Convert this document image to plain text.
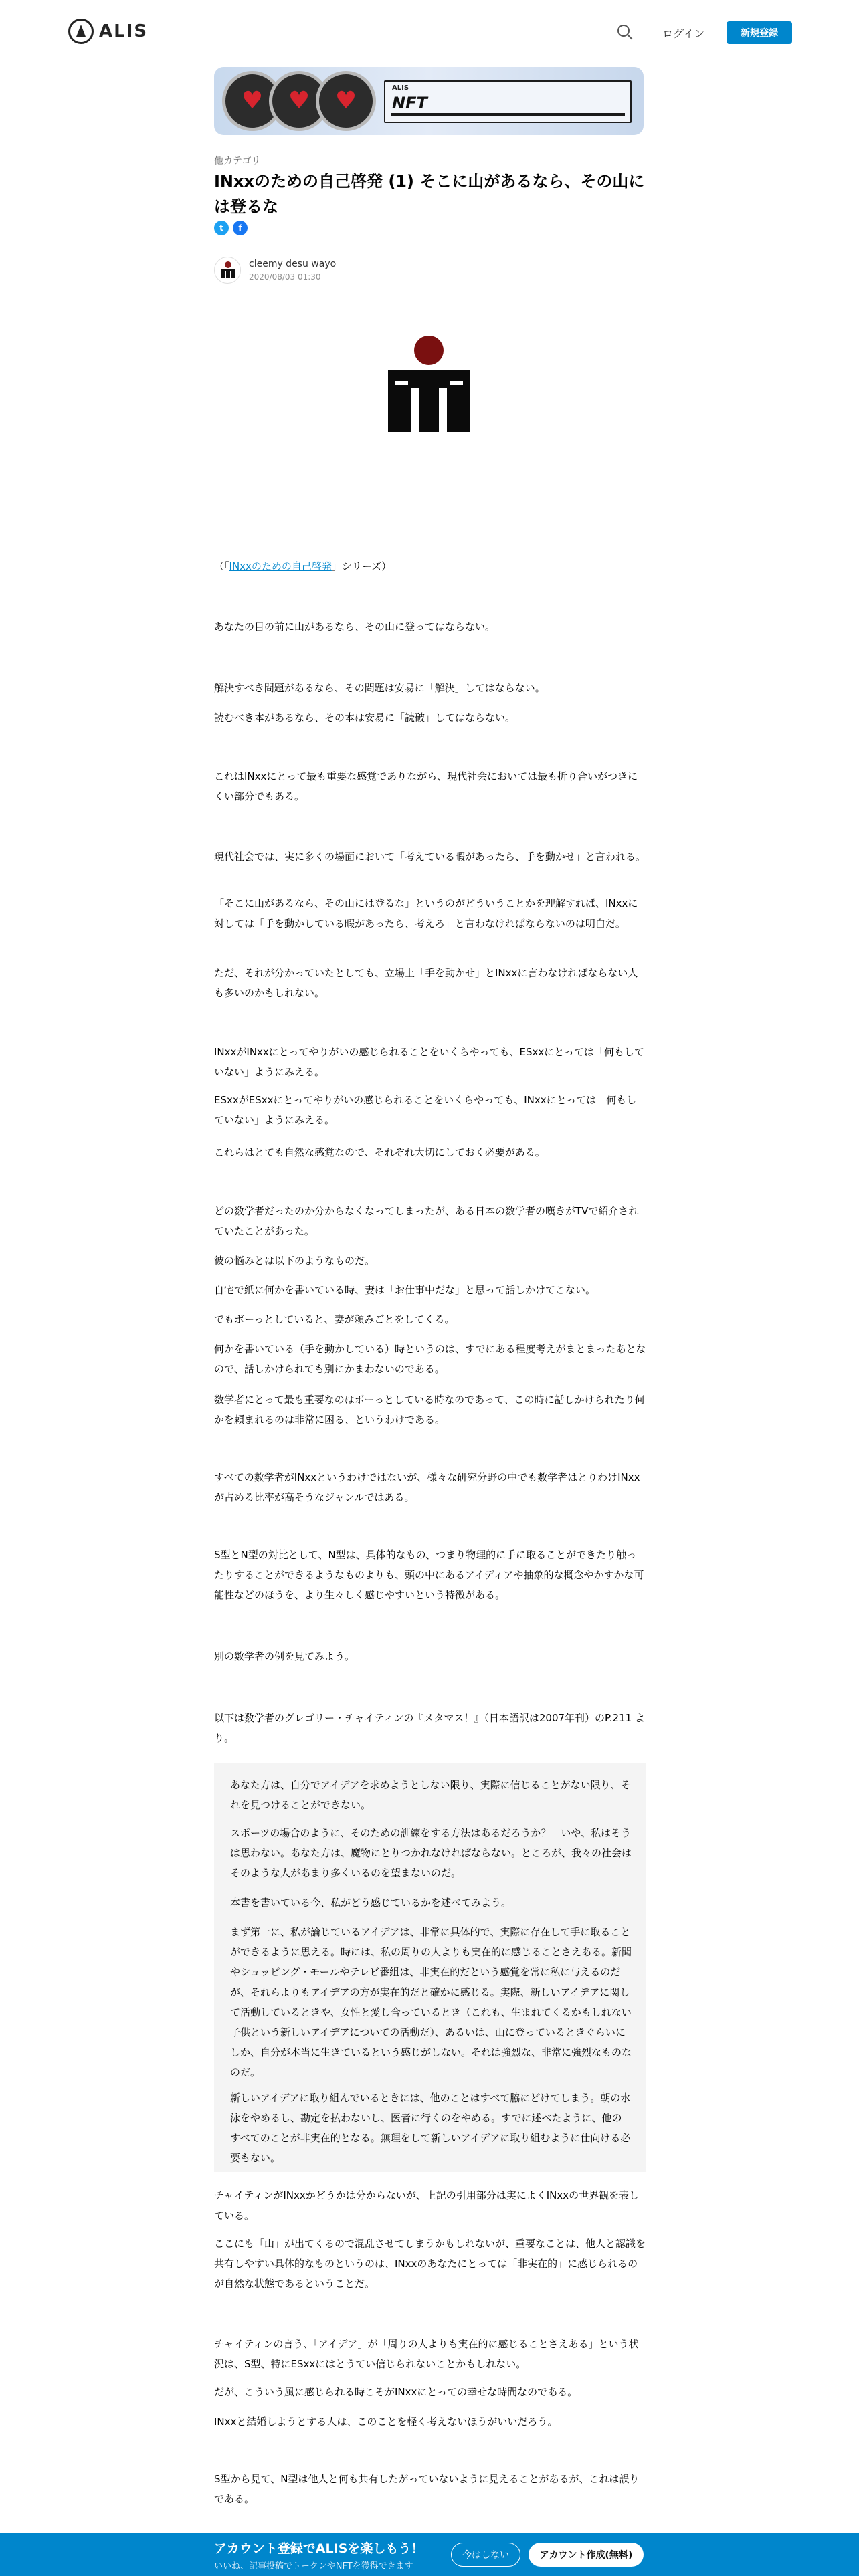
ALIS	ログイン	新規登録
♥ ♥ ♥	ALIS
NFT
他カテゴリ
INxxのための自己啓発 (1) そこに山があるなら、その山には登るな
t	f
cleemy desu wayo
2020/08/03 01:30

（「INxxのための自己啓発」シリーズ）

あなたの目の前に山があるなら、その山に登ってはならない。

解決すべき問題があるなら、その問題は安易に「解決」してはならない。

読むべき本があるなら、その本は安易に「読破」してはならない。

これはINxxにとって最も重要な感覚でありながら、現代社会においては最も折り合いがつきにくい部分でもある。

現代社会では、実に多くの場面において「考えている暇があったら、手を動かせ」と言われる。

「そこに山があるなら、その山には登るな」というのがどういうことかを理解すれば、INxxに対しては「手を動かしている暇があったら、考えろ」と言わなければならないのは明白だ。

ただ、それが分かっていたとしても、立場上「手を動かせ」とINxxに言わなければならない人も多いのかもしれない。

INxxがINxxにとってやりがいの感じられることをいくらやっても、ESxxにとっては「何もしていない」ようにみえる。

ESxxがESxxにとってやりがいの感じられることをいくらやっても、INxxにとっては「何もしていない」ようにみえる。

これらはとても自然な感覚なので、それぞれ大切にしておく必要がある。

どの数学者だったのか分からなくなってしまったが、ある日本の数学者の嘆きがTVで紹介されていたことがあった。

彼の悩みとは以下のようなものだ。

自宅で紙に何かを書いている時、妻は「お仕事中だな」と思って話しかけてこない。

でもボーっとしていると、妻が頼みごとをしてくる。

何かを書いている（手を動かしている）時というのは、すでにある程度考えがまとまったあとなので、話しかけられても別にかまわないのである。

数学者にとって最も重要なのはボーっとしている時なのであって、この時に話しかけられたり何かを頼まれるのは非常に困る、というわけである。

すべての数学者がINxxというわけではないが、様々な研究分野の中でも数学者はとりわけINxxが占める比率が高そうなジャンルではある。

S型とN型の対比として、N型は、具体的なもの、つまり物理的に手に取ることができたり触ったりすることができるようなものよりも、頭の中にあるアイディアや抽象的な概念やかすかな可能性などのほうを、より生々しく感じやすいという特徴がある。

別の数学者の例を見てみよう。

以下は数学者のグレゴリー・チャイティンの『メタマス！』（日本語訳は2007年刊）のP.211 より。

あなた方は、自分でアイデアを求めようとしない限り、実際に信じることがない限り、それを見つけることができない。

スポーツの場合のように、そのための訓練をする方法はあるだろうか？　いや、私はそうは思わない。あなた方は、魔物にとりつかれなければならない。ところが、我々の社会はそのような人があまり多くいるのを望まないのだ。

本書を書いている今、私がどう感じているかを述べてみよう。

まず第一に、私が論じているアイデアは、非常に具体的で、実際に存在して手に取ることができるように思える。時には、私の周りの人よりも実在的に感じることさえある。新聞やショッピング・モールやテレビ番組は、非実在的だという感覚を常に私に与えるのだが、それらよりもアイデアの方が実在的だと確かに感じる。実際、新しいアイデアに関して活動しているときや、女性と愛し合っているとき（これも、生まれてくるかもしれない子供という新しいアイデアについての活動だ）、あるいは、山に登っているときぐらいにしか、自分が本当に生きているという感じがしない。それは強烈な、非常に強烈なものなのだ。

新しいアイデアに取り組んでいるときには、他のことはすべて脇にどけてしまう。朝の水泳をやめるし、勘定を払わないし、医者に行くのをやめる。すでに述べたように、他のすべてのことが非実在的となる。無理をして新しいアイデアに取り組むように仕向ける必要もない。

チャイティンがINxxかどうかは分からないが、上記の引用部分は実によくINxxの世界観を表している。

ここにも「山」が出てくるので混乱させてしまうかもしれないが、重要なことは、他人と認識を共有しやすい具体的なものというのは、INxxのあなたにとっては「非実在的」に感じられるのが自然な状態であるということだ。

チャイティンの言う、「アイデア」が「周りの人よりも実在的に感じることさえある」という状況は、S型、特にESxxにはとうてい信じられないことかもしれない。

だが、こういう風に感じられる時こそがINxxにとっての幸せな時間なのである。

INxxと結婚しようとする人は、このことを軽く考えないほうがいいだろう。

S型から見て、N型は他人と何も共有したがっていないように見えることがあるが、これは誤りである。

アカウント登録でALISを楽しもう！
いいね、記事投稿でトークンやNFTを獲得できます
今はしない	アカウント作成(無料)
